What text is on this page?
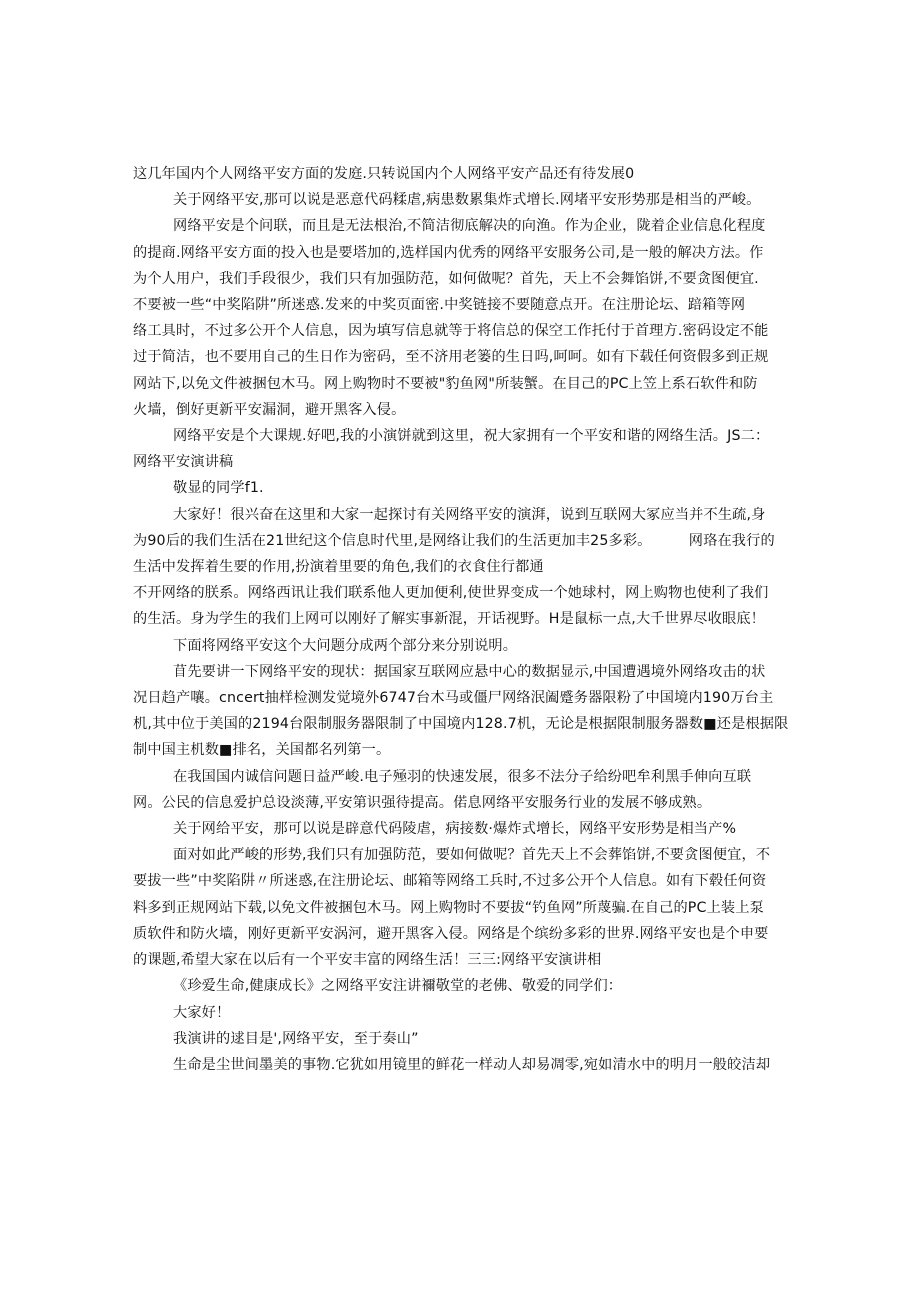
这几年国内个人网络平安方面的发庭.只转说国内个人网络平安产品还有待发展0

关于网络平安,那可以说是恶意代码糅虐,病患数累集炸式增长.网堵平安形势那是相当的严峻。

网络平安是个问联，而且是无法根治,不简洁彻底解决的向渔。作为企业，陇着企业信息化程度
的提商.网络平安方面的投入也是要塔加的,选样国内优秀的网络平安服务公司,是一般的解决方法。作
为个人用户，我们手段很少，我们只有加强防范，如何做呢？首先，天上不会舞馅饼,不要贪图便宜.
不要被一些“中奖陷阱”所迷惑.发来的中奖页面密.中奖链接不要随意点开。在注册论坛、踣箱等网
络工具时，不过多公开个人信息，因为填写信息就等于将信总的保空工作托付于首理方.密码设定不能
过于简洁，也不要用自己的生日作为密码，至不济用老篓的生日吗,呵呵。如有下载任何资假多到正规
网站下,以免文件被捆包木马。网上购物时不要被"豹鱼网"所装蟹。在目己的PC上笠上系石软件和防
火墙，倒好更新平安漏洞，避开黑客入侵。

网络平安是个大课规.好吧,我的小演饼就到这里，祝大家拥有一个平安和谐的网络生活。JS二：
网络平安演讲稿

敬显的同学f1.

大家好！很兴奋在这里和大家一起探讨有关网络平安的演湃，说到互联网大冢应当并不生疏,身
为90后的我们生活在21世纪这个信息时代里,是网络让我们的生活更加丰25多彩。        网珞在我行的
生活中发挥着生要的作用,扮演着里要的角色,我们的衣食住行都通

不开网络的朕系。网络西讯让我们联系他人更加便利,使世界变成一个她球村，网上购物也使利了我们
的生活。身为学生的我们上网可以刚好了解实事新混，开话视野。H是鼠标一点,大千世界尽收眼底！

下面将网络平安这个大问题分成两个部分来分别说明。

苜先要讲一下网络平安的现状：据国家互联网应悬中心的数据显示,中国遭遇境外网络攻击的状
况日趋产嚷。cncert抽样检测发觉境外6747台木马或僵尸网络泯阖蹙务器限粉了中国境内190万台主
机,其中位于美国的2194台限制服务器限制了中国境内128.7机，无论是根据限制服务器数■还是根据限
制中国主机数■排名，关国都名列第一。

在我国国内诚信问题日益严峻.电子殛羽的快速发展，很多不法分子给纷吧牟利黑手伸向互联
网。公民的信息爱护总设淡薄,平安第识强待提高。偌息网络平安服务行业的发展不够成熟。

关于网给平安，那可以说是辟意代码陵虐，病接数·爆炸式增长，网络平安形势是相当产%

面对如此严峻的形势,我们只有加强防范，要如何做呢？首先天上不会葬馅饼,不要贪图便宜，不
要拔一些”中奖陷阱〃所迷惑,在注册论坛、邮箱等网络工兵时,不过多公开个人信息。如有下毂任何资
料多到正规网站下载,以免文件被捆包木马。网上购物时不要拔“钓鱼网”所蔑骗.在自己的PC上装上泵
质软件和防火墙，刚好更新平安涡河，避开黑客入侵。网络是个缤纷多彩的世界.网络平安也是个申要
的课题,希望大家在以后有一个平安丰富的网络生活！三三:网络平安演讲相

《珍爱生命,健康成长》之网络平安注讲禰敬堂的老佛、敬爱的同学们：

大家好！

我演讲的逑目是',网络平安，至于奏山”

生命是尘世间墨美的事物.它犹如用镜里的鲜花一样动人却易凋零,宛如清水中的明月一般皎洁却
